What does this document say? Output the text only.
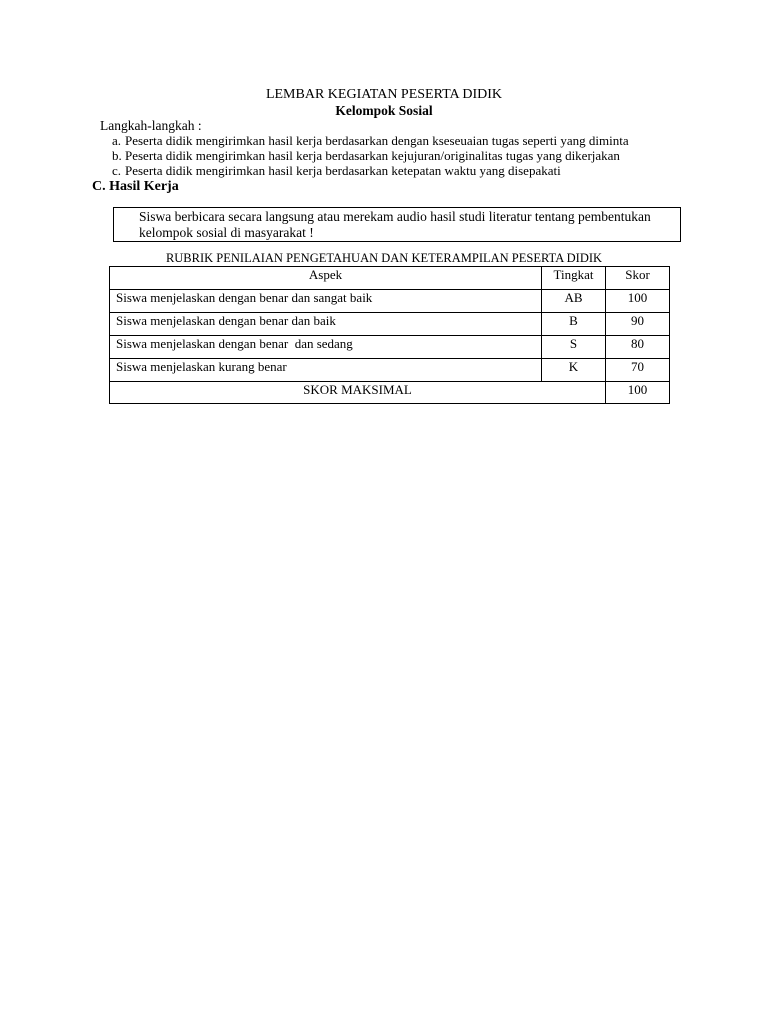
LEMBAR KEGIATAN PESERTA DIDIK
Kelompok Sosial
Langkah-langkah :
a. Peserta didik mengirimkan hasil kerja berdasarkan dengan kseseuaian tugas seperti yang diminta
b. Peserta didik mengirimkan hasil kerja berdasarkan kejujuran/originalitas tugas yang dikerjakan
c. Peserta didik mengirimkan hasil kerja berdasarkan ketepatan waktu yang disepakati
C. Hasil Kerja
Siswa berbicara secara langsung atau merekam audio hasil studi literatur tentang pembentukan kelompok sosial di masyarakat !
RUBRIK PENILAIAN PENGETAHUAN DAN KETERAMPILAN PESERTA DIDIK
Aspek	Tingkat	Skor
Siswa menjelaskan dengan benar dan sangat baik	AB	100
Siswa menjelaskan dengan benar dan baik	B	90
Siswa menjelaskan dengan benar  dan sedang	S	80
Siswa menjelaskan kurang benar	K	70
SKOR MAKSIMAL		100
